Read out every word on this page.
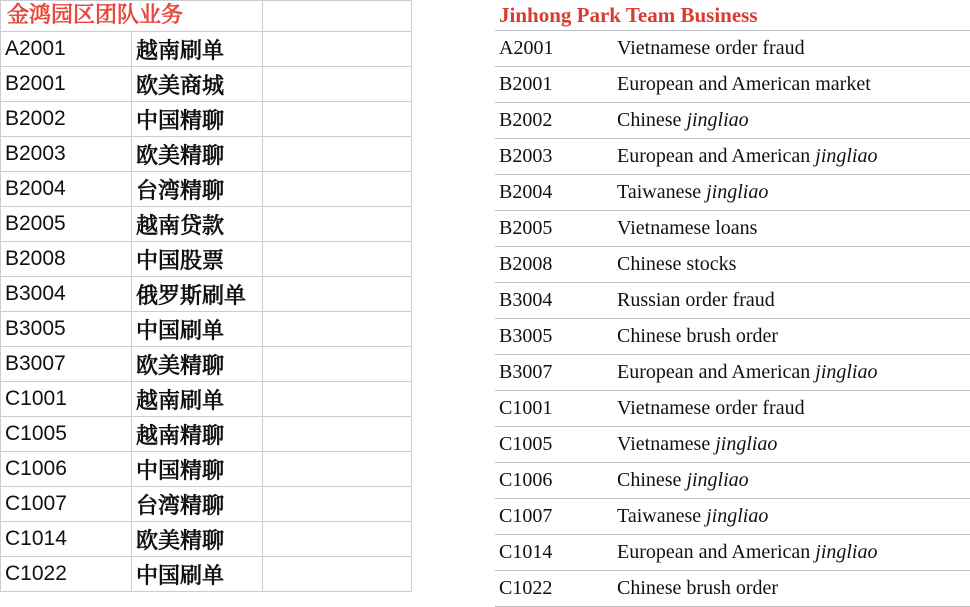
金鸿园区团队业务		

A2001	越南刷单	
B2001	欧美商城	
B2002	中国精聊	
B2003	欧美精聊	
B2004	台湾精聊	
B2005	越南贷款	
B2008	中国股票	
B3004	俄罗斯刷单	
B3005	中国刷单	
B3007	欧美精聊	
C1001	越南刷单	
C1005	越南精聊	
C1006	中国精聊	
C1007	台湾精聊	
C1014	欧美精聊	
C1022	中国刷单	
Jinhong Park Team Business
A2001	Vietnamese order fraud
B2001	European and American market
B2002	Chinese jingliao
B2003	European and American jingliao
B2004	Taiwanese jingliao
B2005	Vietnamese loans
B2008	Chinese stocks
B3004	Russian order fraud
B3005	Chinese brush order
B3007	European and American jingliao
C1001	Vietnamese order fraud
C1005	Vietnamese jingliao
C1006	Chinese jingliao
C1007	Taiwanese jingliao
C1014	European and American jingliao
C1022	Chinese brush order
